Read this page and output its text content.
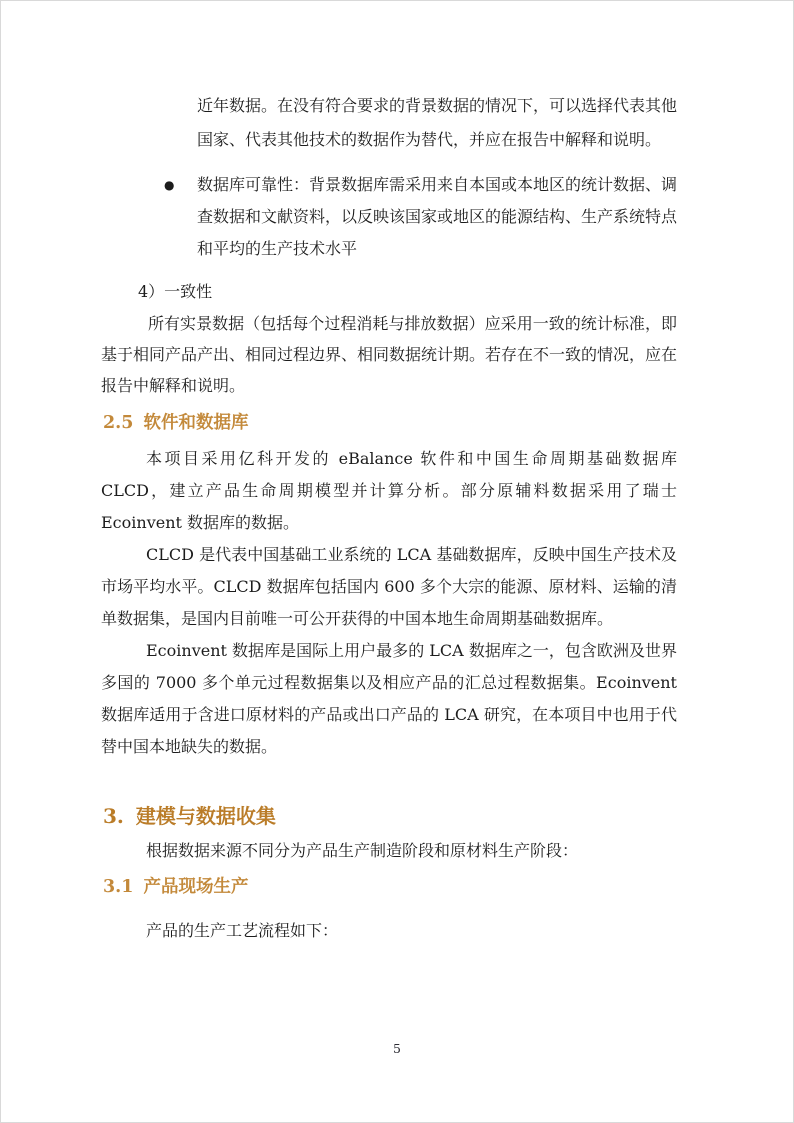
近年数据。在没有符合要求的背景数据的情况下，可以选择代表其他国家、代表其他技术的数据作为替代，并应在报告中解释和说明。

●	数据库可靠性：背景数据库需采用来自本国或本地区的统计数据、调查数据和文献资料，以反映该国家或地区的能源结构、生产系统特点和平均的生产技术水平

4）一致性

所有实景数据（包括每个过程消耗与排放数据）应采用一致的统计标准，即基于相同产品产出、相同过程边界、相同数据统计期。若存在不一致的情况，应在报告中解释和说明。

2.5 软件和数据库

本项目采用亿科开发的 eBalance 软件和中国生命周期基础数据库 CLCD，建立产品生命周期模型并计算分析。部分原辅料数据采用了瑞士 Ecoinvent 数据库的数据。

CLCD 是代表中国基础工业系统的 LCA 基础数据库，反映中国生产技术及市场平均水平。CLCD 数据库包括国内 600 多个大宗的能源、原材料、运输的清单数据集，是国内目前唯一可公开获得的中国本地生命周期基础数据库。

Ecoinvent 数据库是国际上用户最多的 LCA 数据库之一，包含欧洲及世界多国的 7000 多个单元过程数据集以及相应产品的汇总过程数据集。Ecoinvent 数据库适用于含进口原材料的产品或出口产品的 LCA 研究，在本项目中也用于代替中国本地缺失的数据。

3. 建模与数据收集

根据数据来源不同分为产品生产制造阶段和原材料生产阶段：

3.1 产品现场生产

产品的生产工艺流程如下：

5
